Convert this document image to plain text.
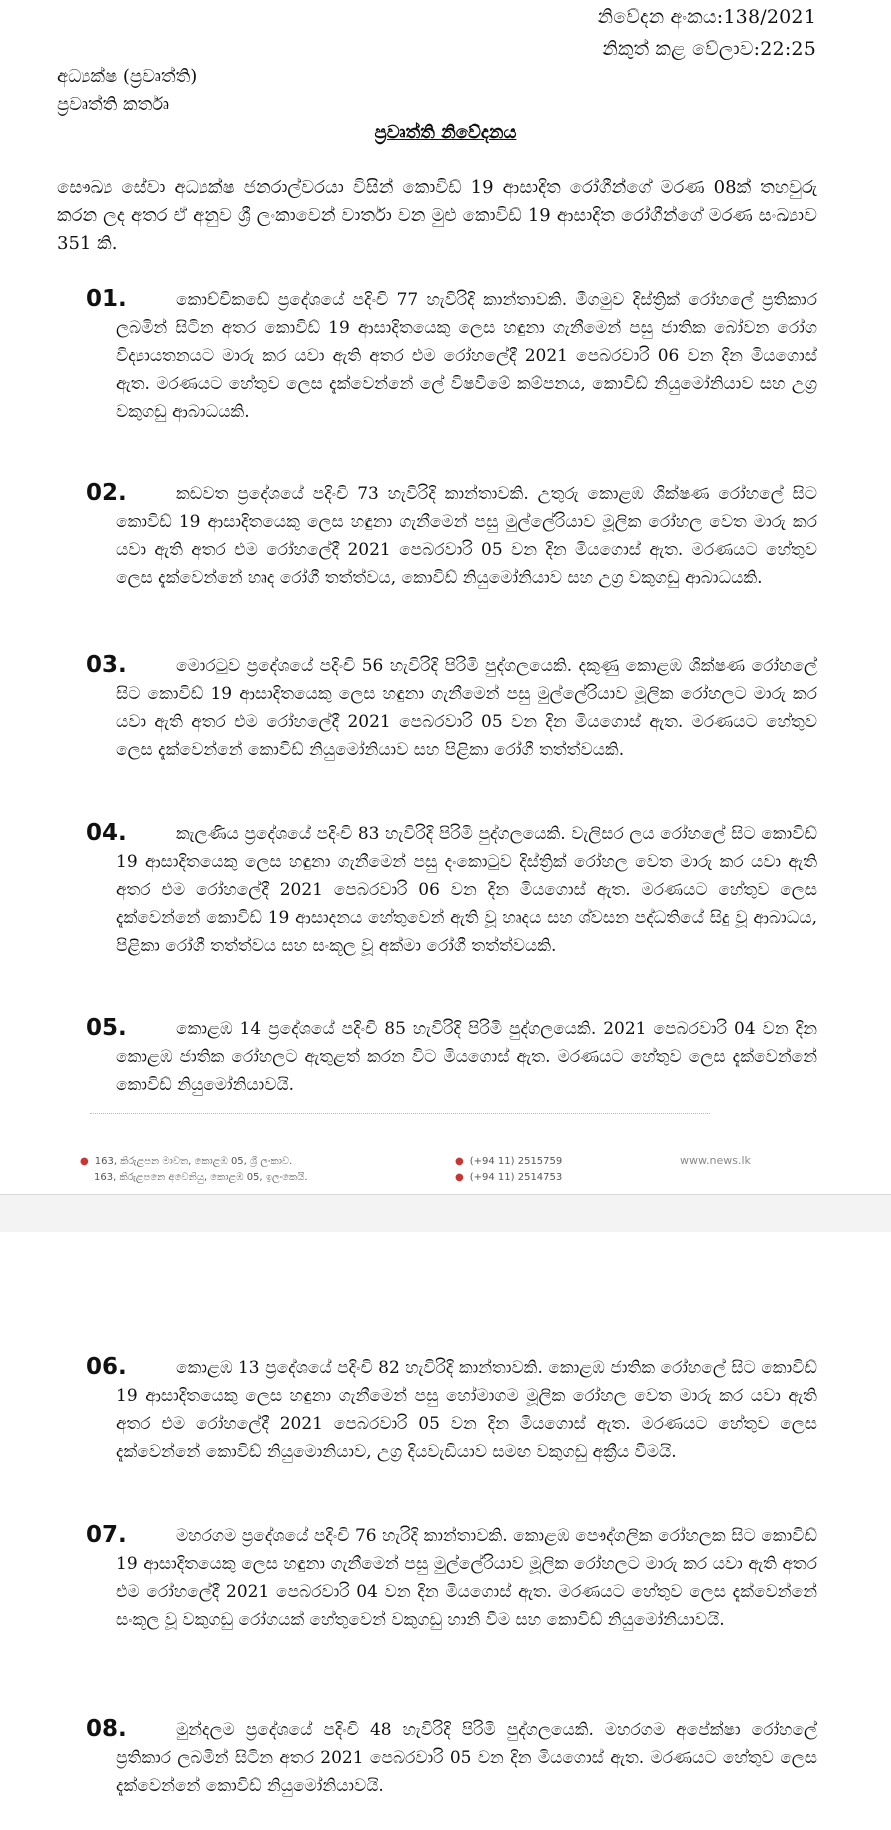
නිවේදන අංකය:138/2021
නිකුත් කළ වේලාව:22:25
අධ්‍යක්ෂ (ප්‍රවෘත්ති)
ප්‍රවෘත්ති කර්තෘ
ප්‍රවෘත්ති නිවේදනය
සෞඛ්‍ය සේවා අධ්‍යක්ෂ ජනරාල්වරයා විසින් කොවිඩ් 19 ආසාදිත රෝගීන්ගේ මරණ 08ක් තහවුරු කරන ලද අතර ඒ අනුව ශ්‍රී ලංකාවෙන් වාර්තා වන මුළු කොවිඩ් 19 ආසාදිත රෝගීන්ගේ මරණ සංඛ්‍යාව 351 කි.
01.	කොච්චිකඩේ ප්‍රදේශයේ පදිංචි 77 හැවිරිදි කාන්තාවකි. මීගමුව දිස්ත්‍රික් රෝහලේ ප්‍රතිකාර ලබමින් සිටින අතර කොවිඩ් 19 ආසාදිතයෙකු ලෙස හඳුනා ගැනීමෙන් පසු ජාතික බෝවන රෝග විද්‍යායතනයට මාරු කර යවා ඇති අතර එම රෝහලේදී 2021 පෙබරවාරි 06 වන දින මියගොස් ඇත. මරණයට හේතුව ලෙස දැක්වෙන්නේ ලේ විෂවීමේ කම්පනය, කොවිඩ් නියුමෝනියාව සහ උග්‍ර වකුගඩු ආබාධයකි.

02.	කඩවත ප්‍රදේශයේ පදිංචි 73 හැවිරිදි කාන්තාවකි. උතුරු කොළඹ ශික්ෂණ රෝහලේ සිට කොවිඩ් 19 ආසාදිතයෙකු ලෙස හඳුනා ගැනීමෙන් පසු මුල්ලේරියාව මූලික රෝහල වෙත මාරු කර යවා ඇති අතර එම රෝහලේදී 2021 පෙබරවාරි 05 වන දින මියගොස් ඇත. මරණයට හේතුව ලෙස දැක්වෙන්නේ හෘද රෝගී තත්ත්වය, කොවිඩ් නියුමෝනියාව සහ උග්‍ර වකුගඩු ආබාධයකි.

03.	මොරටුව ප්‍රදේශයේ පදිංචි 56 හැවිරිදි පිරිමි පුද්ගලයෙකි. දකුණු කොළඹ ශික්ෂණ රෝහලේ සිට කොවිඩ් 19 ආසාදිතයෙකු ලෙස හඳුනා ගැනීමෙන් පසු මුල්ලේරියාව මූලික රෝහලට මාරු කර යවා ඇති අතර එම රෝහලේදී 2021 පෙබරවාරි 05 වන දින මියගොස් ඇත. මරණයට හේතුව ලෙස දැක්වෙන්නේ කොවිඩ් නියුමෝනියාව සහ පිළිකා රෝගී තත්ත්වයකි.

04.	කැලණිය ප්‍රදේශයේ පදිංචි 83 හැවිරිදි පිරිමි පුද්ගලයෙකි. වැලිසර ලය රෝහලේ සිට කොවිඩ් 19 ආසාදිතයෙකු ලෙස හඳුනා ගැනීමෙන් පසු දංකොටුව දිස්ත්‍රික් රෝහල වෙත මාරු කර යවා ඇති අතර එම රෝහලේදී 2021 පෙබරවාරි 06 වන දින මියගොස් ඇත. මරණයට හේතුව ලෙස දැක්වෙන්නේ කොවිඩ් 19 ආසාදනය හේතුවෙන් ඇති වූ හෘදය සහ ශ්වසන පද්ධතියේ සිදු වූ ආබාධය, පිළිකා රෝගී තත්ත්වය සහ සංකූල වූ අක්මා රෝගී තත්ත්වයකි.

05.	කොළඹ 14 ප්‍රදේශයේ පදිංචි 85 හැවිරිදි පිරිමි පුද්ගලයෙකි. 2021 පෙබරවාරි 04 වන දින කොළඹ ජාතික රෝහලට ඇතුළත් කරන විට මියගොස් ඇත. මරණයට හේතුව ලෙස දැක්වෙන්නේ කොවිඩ් නියුමෝනියාවයි.

● 163, කිරුළපන මාවත, කොළඹ 05, ශ්‍රී ලංකාව.
163, කිරුළපනෙ අවෙනියු, කොළඹ 05, ඉලංකෙයි.
● (+94 11) 2515759
● (+94 11) 2514753
www.news.lk
06.	කොළඹ 13 ප්‍රදේශයේ පදිංචි 82 හැවිරිදි කාන්තාවකි. කොළඹ ජාතික රෝහලේ සිට කොවිඩ් 19 ආසාදිතයෙකු ලෙස හඳුනා ගැනීමෙන් පසු හෝමාගම මූලික රෝහල වෙත මාරු කර යවා ඇති අතර එම රෝහලේදී 2021 පෙබරවාරි 05 වන දින මියගොස් ඇත. මරණයට හේතුව ලෙස දැක්වෙන්නේ කොවිඩ් නියුමොනියාව, උග්‍ර දියවැඩියාව සමඟ වකුගඩු අක්‍රීය වීමයි.

07.	මහරගම ප්‍රදේශයේ පදිංචි 76 හැරිදි කාන්තාවකි. කොළඹ පෞද්ගලික රෝහලක සිට කොවිඩ් 19 ආසාදිතයෙකු ලෙස හඳුනා ගැනීමෙන් පසු මුල්ලේරියාව මූලික රෝහලට මාරු කර යවා ඇති අතර එම රෝහලේදී 2021 පෙබරවාරි 04 වන දින මියගොස් ඇත. මරණයට හේතුව ලෙස දැක්වෙන්නේ සංකූල වූ වකුගඩු රෝගයක් හේතුවෙන් වකුගඩු හානි වීම සහ කොවිඩ් නියුමෝනියාවයි.

08.	මුන්දලම ප්‍රදේශයේ පදිංචි 48 හැවිරිදි පිරිමි පුද්ගලයෙකි. මහරගම අපේක්ෂා රෝහලේ ප්‍රතිකාර ලබමින් සිටින අතර 2021 පෙබරවාරි 05 වන දින මියගොස් ඇත. මරණයට හේතුව ලෙස දැක්වෙන්නේ කොවිඩ් නියුමෝනියාවයි.
